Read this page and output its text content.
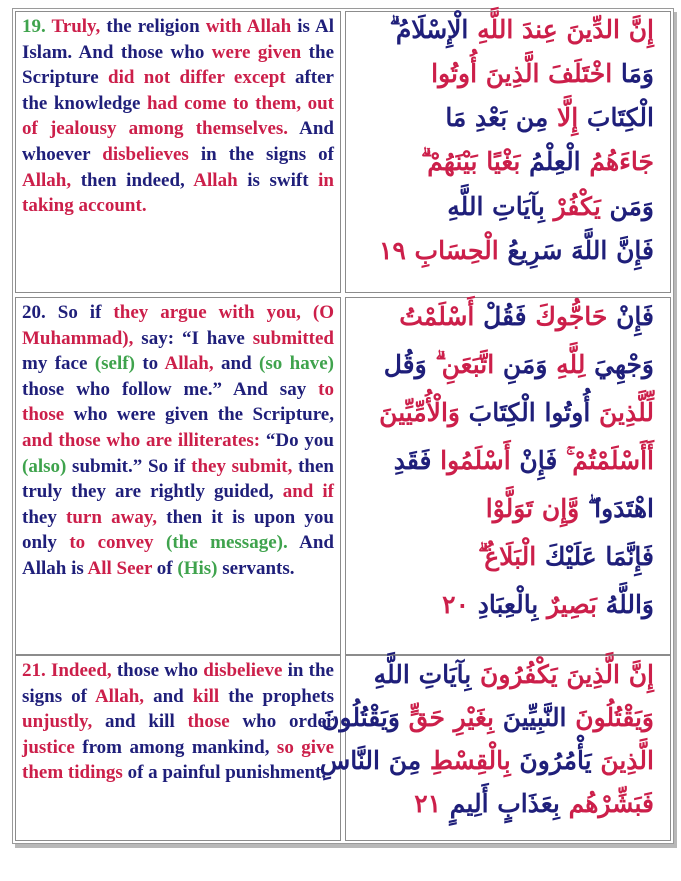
19. Truly, the religion with Allah is Al Islam. And those who were given the Scripture did not differ except after the knowledge had come to them, out of jealousy among themselves. And whoever disbelieves in the signs of Allah, then indeed, Allah is swift in taking account.

إِنَّ الدِّينَ عِندَ اللَّهِ الْإِسْلَامُ ۗ
وَمَا اخْتَلَفَ الَّذِينَ أُوتُوا
الْكِتَابَ إِلَّا مِن بَعْدِ مَا
جَاءَهُمُ الْعِلْمُ بَغْيًا بَيْنَهُمْ ۗ
وَمَن يَكْفُرْ بِآيَاتِ اللَّهِ
فَإِنَّ اللَّهَ سَرِيعُ الْحِسَابِ ١٩

20. So if they argue with you, (O Muhammad), say: “I have submitted my face (self) to Allah, and (so have) those who follow me.” And say to those who were given the Scripture, and those who are illiterates: “Do you (also) submit.” So if they submit, then truly they are rightly guided, and if they turn away, then it is upon you only to convey (the message). And Allah is All Seer of (His) servants.

فَإِنْ حَاجُّوكَ فَقُلْ أَسْلَمْتُ
وَجْهِيَ لِلَّهِ وَمَنِ اتَّبَعَنِ ۗ وَقُل
لِّلَّذِينَ أُوتُوا الْكِتَابَ وَالْأُمِّيِّينَ
أَأَسْلَمْتُمْ ۚ فَإِنْ أَسْلَمُوا فَقَدِ
اهْتَدَوا ۖ وَّإِن تَوَلَّوْا
فَإِنَّمَا عَلَيْكَ الْبَلَاغُ ۗ
وَاللَّهُ بَصِيرٌ بِالْعِبَادِ ٢٠

21. Indeed, those who disbelieve in the signs of Allah, and kill the prophets unjustly, and kill those who order justice from among mankind, so give them tidings of a painful punishment.

إِنَّ الَّذِينَ يَكْفُرُونَ بِآيَاتِ اللَّهِ
وَيَقْتُلُونَ النَّبِيِّينَ بِغَيْرِ حَقٍّ وَيَقْتُلُونَ
الَّذِينَ يَأْمُرُونَ بِالْقِسْطِ مِنَ النَّاسِ
فَبَشِّرْهُم بِعَذَابٍ أَلِيمٍ ٢١
